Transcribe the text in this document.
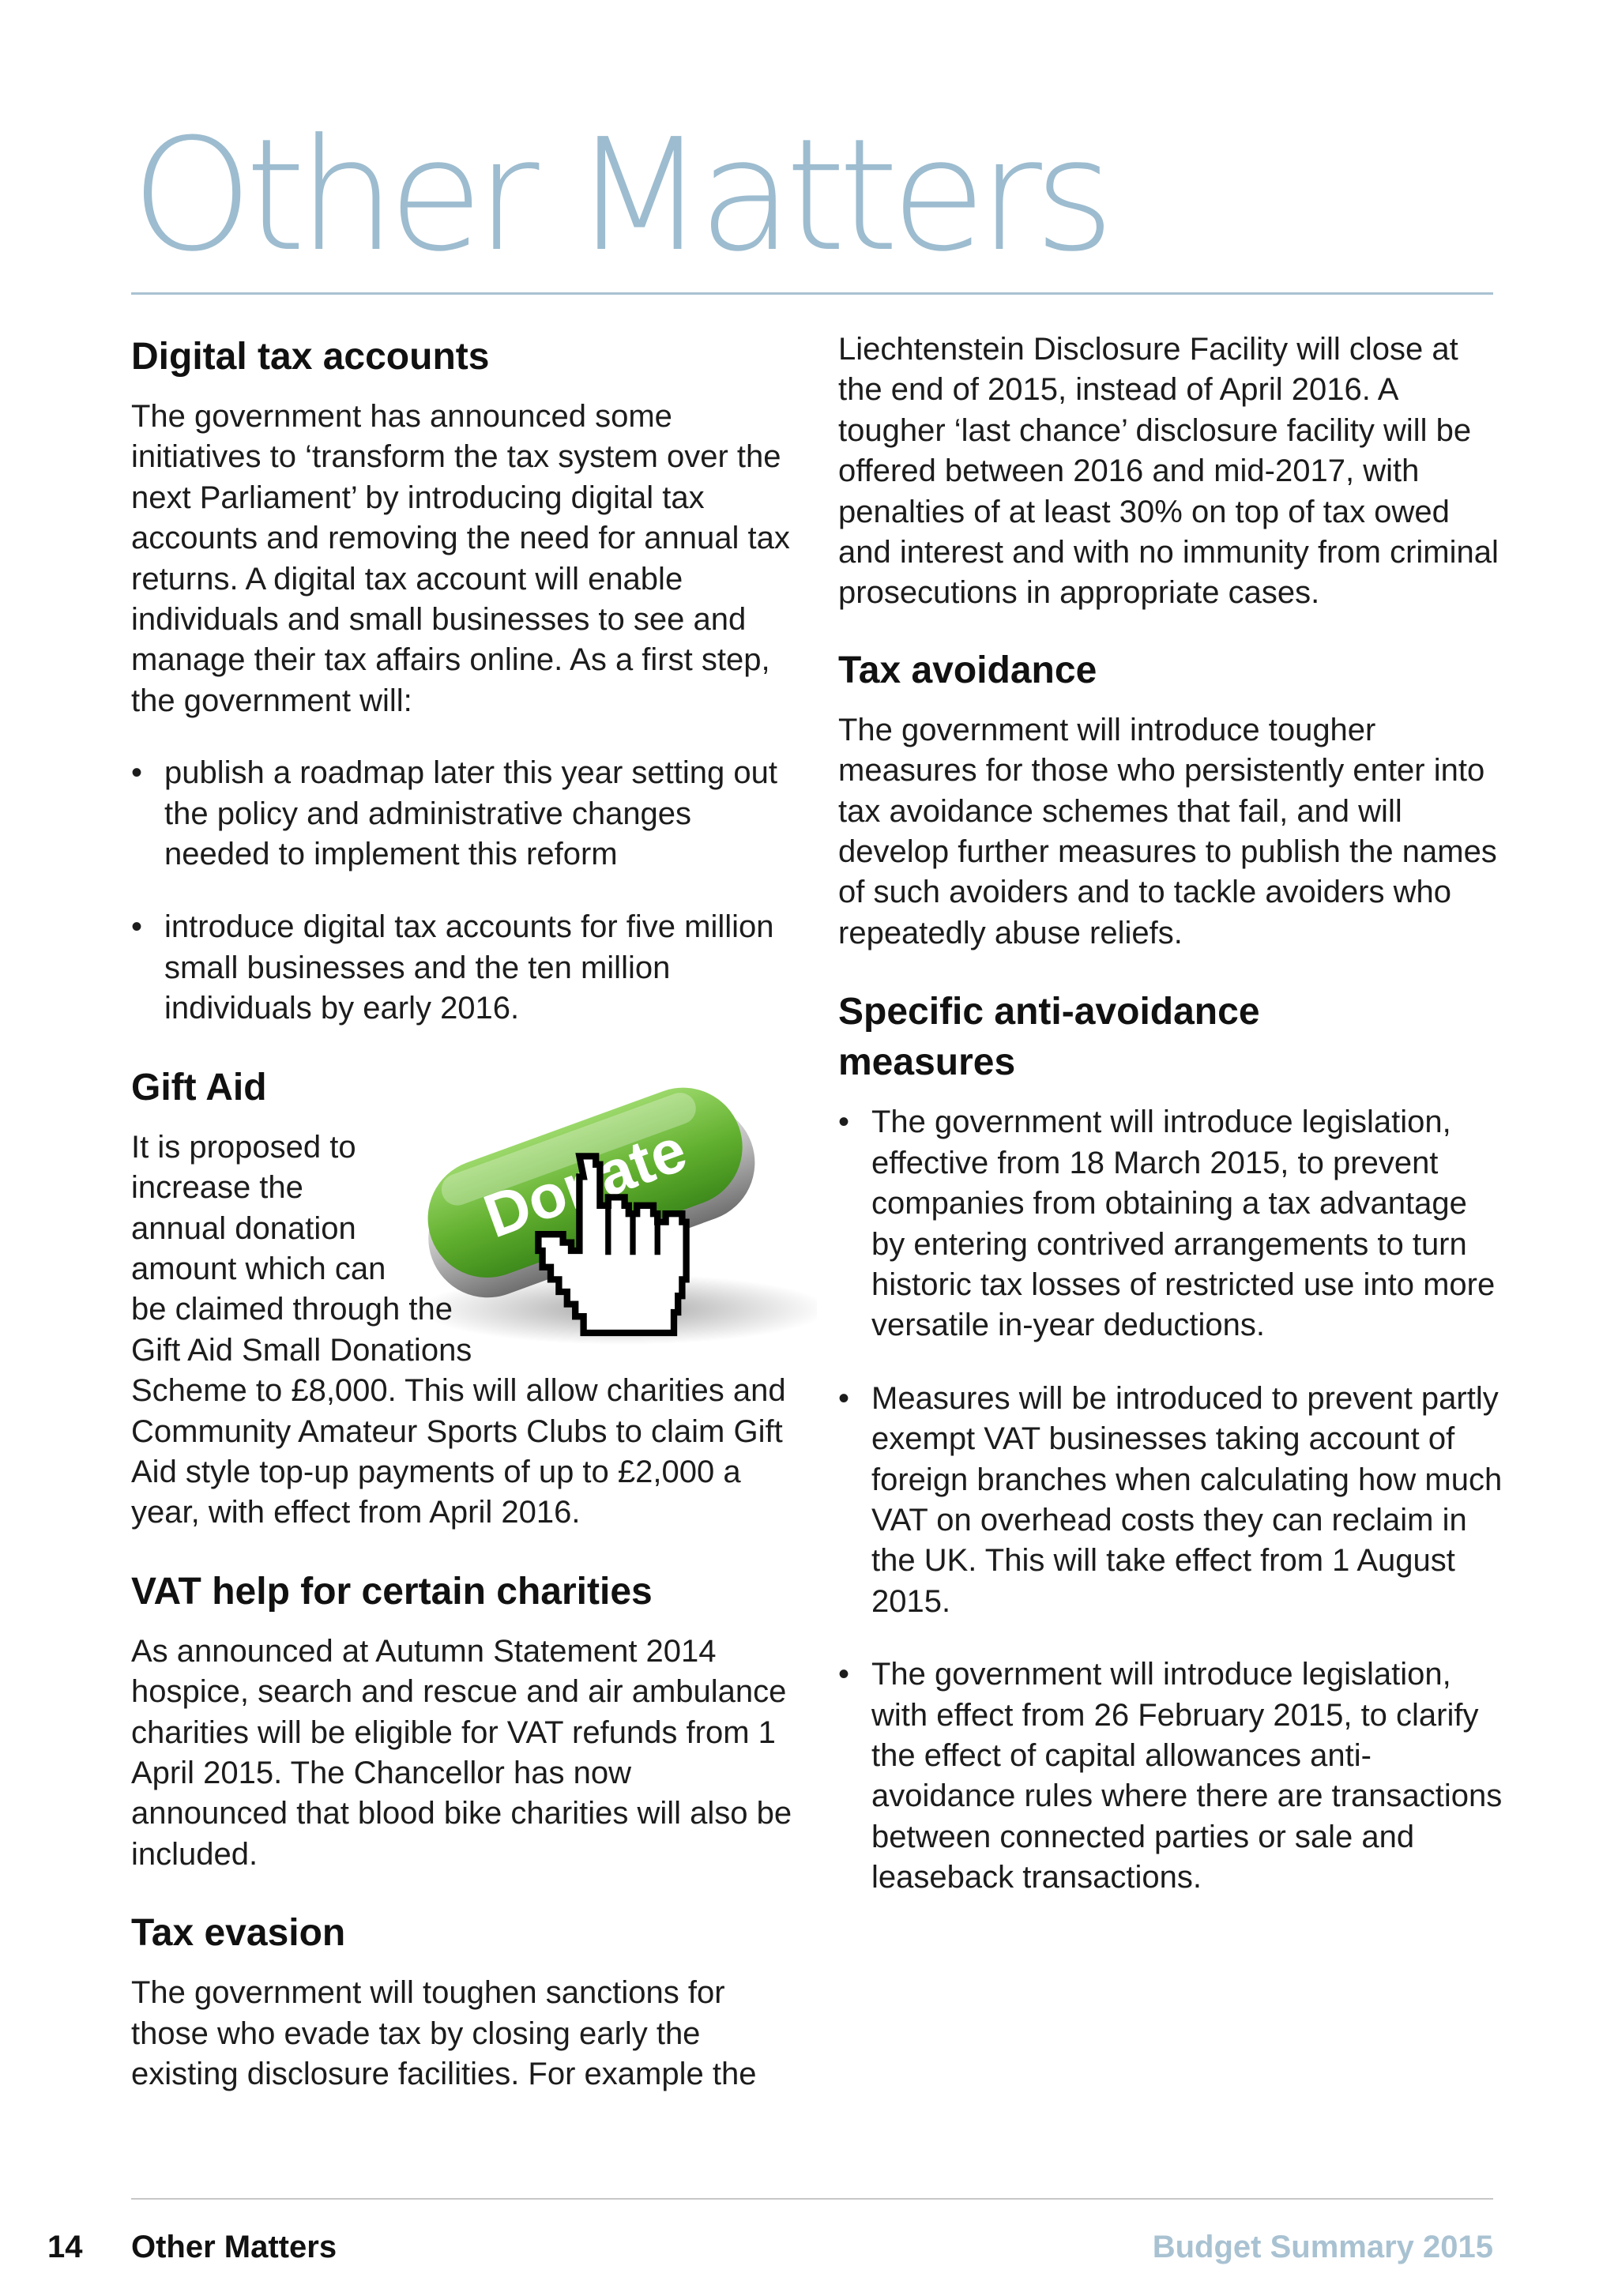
Other Matters
Digital tax accounts

The government has announced some initiatives to ‘transform the tax system over the next Parliament’ by introducing digital tax accounts and removing the need for annual tax returns. A digital tax account will enable individuals and small businesses to see and manage their tax affairs online. As a first step, the government will:

• publish a roadmap later this year setting out the policy and administrative changes needed to implement this reform
• introduce digital tax accounts for five million small businesses and the ten million individuals by early 2016.
Gift Aid

It is proposed to increase the annual donation amount which can be claimed through the Gift Aid Small Donations Scheme to £8,000. This will allow charities and Community Amateur Sports Clubs to claim Gift Aid style top-up payments of up to £2,000 a year, with effect from April 2016.

VAT help for certain charities

As announced at Autumn Statement 2014 hospice, search and rescue and air ambulance charities will be eligible for VAT refunds from 1 April 2015. The Chancellor has now announced that blood bike charities will also be included.

Tax evasion

The government will toughen sanctions for those who evade tax by closing early the existing disclosure facilities. For example the

Liechtenstein Disclosure Facility will close at the end of 2015, instead of April 2016. A tougher ‘last chance’ disclosure facility will be offered between 2016 and mid-2017, with penalties of at least 30% on top of tax owed and interest and with no immunity from criminal prosecutions in appropriate cases.

Tax avoidance

The government will introduce tougher measures for those who persistently enter into tax avoidance schemes that fail, and will develop further measures to publish the names of such avoiders and to tackle avoiders who repeatedly abuse reliefs.

Specific anti-avoidance measures
• The government will introduce legislation, effective from 18 March 2015, to prevent companies from obtaining a tax advantage by entering contrived arrangements to turn historic tax losses of restricted use into more versatile in-year deductions.
• Measures will be introduced to prevent partly exempt VAT businesses taking account of foreign branches when calculating how much VAT on overhead costs they can reclaim in the UK. This will take effect from 1 August 2015.
• The government will introduce legislation, with effect from 26 February 2015, to clarify the effect of capital allowances anti-avoidance rules where there are transactions between connected parties or sale and leaseback transactions.
14 Other Matters	Budget Summary 2015
